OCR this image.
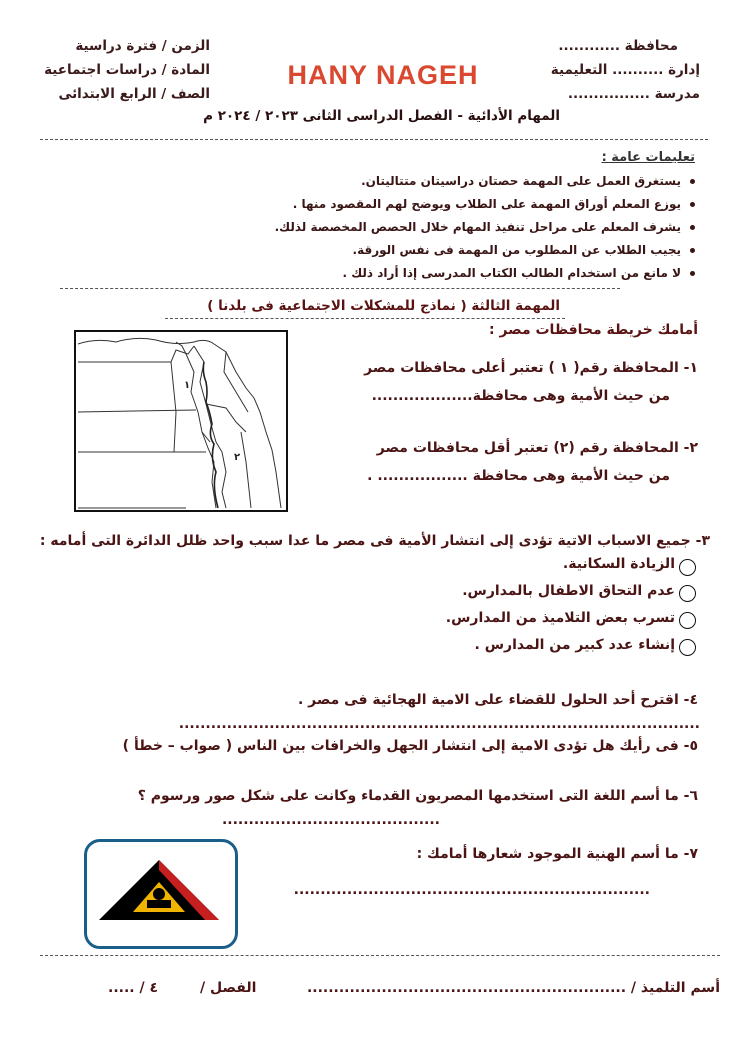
محافظة ............
إدارة .......... التعليمية
مدرسة ................
الزمن / فترة دراسية
المادة / دراسات اجتماعية
الصف / الرابع الابتدائى
HANY NAGEH
المهام الأدائية - الفصل الدراسى الثانى ٢٠٢٣ / ٢٠٢٤ م
تعليمات عامة :
يستغرق العمل على المهمة حصتان دراسيتان متتاليتان.
يوزع المعلم أوراق المهمة على الطلاب ويوضح لهم المقصود منها .
يشرف المعلم على مراحل تنفيذ المهام خلال الحصص المخصصة لذلك.
يجيب الطلاب عن المطلوب من المهمة فى نفس الورقة.
لا مانع من استخدام الطالب الكتاب المدرسى إذا أراد ذلك .
المهمة الثالثة ( نماذج للمشكلات الاجتماعية فى بلدنا )
أمامك خريطة محافظات مصر :
١
٢
١- المحافظة رقم( ١ ) تعتبر أعلى محافظات مصر
من حيث الأمية وهى محافظة...................
٢- المحافظة رقم (٢) تعتبر أقل محافظات مصر
من حيث الأمية وهى محافظة ................. .
٣- جميع الاسباب الاتية تؤدى إلى انتشار الأمية فى مصر ما عدا سبب واحد ظلل الدائرة التى أمامه :
الزيادة السكانية.
عدم التحاق الاطفال بالمدارس.
تسرب بعض التلاميذ من المدارس.
إنشاء عدد كبير من المدارس .
٤- اقترح أحد الحلول للقضاء على الامية الهجائية فى مصر .
..................................................................................................
٥- فى رأيك هل تؤدى الامية إلى انتشار الجهل والخرافات بين الناس ( صواب – خطأ )
٦- ما أسم اللغة التى استخدمها المصريون القدماء وكانت على شكل صور ورسوم ؟
.........................................
٧- ما أسم الهنية الموجود شعارها أمامك :
...................................................................
أسم التلميذ / ............................................................
الفصل /
٤ / .....
